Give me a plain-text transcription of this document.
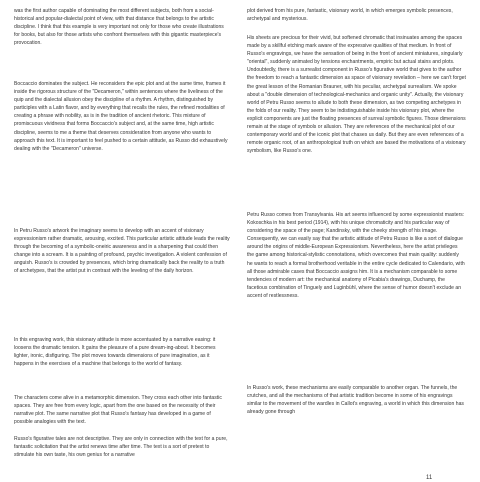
was the first author capable of dominating the most different subjects, both from a social-historical and popular-dialectal point of view, with that distance that belongs to the artistic discipline. I think that this example is very important not only for those who create illustrations for books, but also for those artists who confront themselves with this gigantic masterpiece's provocation.

Boccaccio dominates the subject. He reconsiders the epic plot and at the same time, frames it inside the rigorous structure of the "Decameron," within sentences where the liveliness of the quip and the dialectal allusion obey the discipline of a rhythm. A rhythm, distinguished by participles with a Latin flavor, and by everything that recalls the rules, the refined modalities of creating a phrase with nobility, as is in the tradition of ancient rhetoric. This mixture of promiscuous vividness that forms Boccaccio's subject and, at the same time, high artistic discipline, seems to me a theme that deserves consideration from anyone who wants to approach this text. It is important to feel pushed to a certain attitude, as Russo did exhaustively dealing with the "Decameron" universe.

In Petru Russo's artwork the imaginary seems to develop with an accent of visionary expressionism rather dramatic, arousing, excited. This particular artistic attitude leads the reality through the becoming of a symbolic-oneiric awareness and in a sharpening that could then change into a scream. It is a painting of profound, psychic investigation. A violent confession of anguish. Russo's is crowded by presences, which bring dramatically back the reality to a truth of archetypes, that the artist put in contrast with the leveling of the daily horizon.

In this engraving work, this visionary attitude is more accentuated by a narrative easing: it loosens the dramatic tension. It gains the pleasure of a pure dream-ing-about. It becomes lighter, ironic, disfiguring. The plot moves towards dimensions of pure imagination, as it happens in the exercises of a machine that belongs to the world of fantasy.

The characters come alive in a metamorphic dimension. They cross each other into fantastic spaces. They are free from every logic, apart from the one based on the necessity of their narrative plot. The same narrative plot that Russo's fantasy has developed in a game of possible analogies with the text.

Russo's figurative tales are not descriptive. They are only in connection with the text for a pure, fantastic solicitation that the artist renews time after time. The text is a sort of pretext to stimulate his own taste, his own genius for a narrative

plot derived from his pure, fantastic, visionary world, in which emerges symbolic presences, archetypal and mysterious.

His sheets are precious for their vivid, but softened chromatic that insinuates among the spaces made by a skillful etching mark aware of the expressive qualities of that medium. In front of Russo's engravings, we have the sensation of being in the front of ancient miniatures, singularly "oriental", suddenly animated by tensions enchantments, empiric but actual stains and plots. Undoubtedly, there is a surrealist component in Russo's figurative world that gives to the author the freedom to reach a fantastic dimension as space of visionary revelation – here we can't forget the great lesson of the Romanian Brauner, with his peculiar, archetypal surrealism. We spoke about a "double dimension of technological-mechanics and organic unity". Actually, the visionary world of Petru Russo seems to allude to both these dimension, as two competing archetypes in the folds of our reality. They seem to be indistinguishable inside his visionary plot, where the explicit components are just the floating presences of surreal symbolic figures. Those dimensions remain at the stage of symbols or allusion. They are references of the mechanical plot of our contemporary world and of the iconic plot that chases us daily. But they are even references of a remote organic root, of an anthropological truth on which are based the motivations of a visionary symbolism, like Russo's one.

Petru Russo comes from Transylvania. His art seems influenced by some expressionist masters: Kokoschka in his best period (1914), with his unique chromaticity and his particular way of considering the space of the page; Kandinsky, with the cheeky strength of his image. Consequently, we can easily say that the artistic attitude of Petru Russo is like a sort of dialogue around the origins of middle-European Expressionism. Nevertheless, here the artist privileges the game among historical-stylistic connotations, which overcomes that main quality: suddenly he wants to reach a formal brotherhood veritable in the entire cycle dedicated to Calendario, with all those admirable cases that Boccaccio assigns him. It is a mechanism comparable to some tendencies of modern art: the mechanical anatomy of Picabia's drawings, Duchamp, the facetious combination of Tinguely and Luginbühl, where the sense of humor doesn't exclude an accent of restlessness.

In Russo's work, these mechanisms are easily comparable to another organ. The funnels, the crutches, and all the mechanisms of that artistic tradition become in some of his engravings similar to the movement of the wardles in Callot's engraving, a world in which this dimension has already gone through

11
